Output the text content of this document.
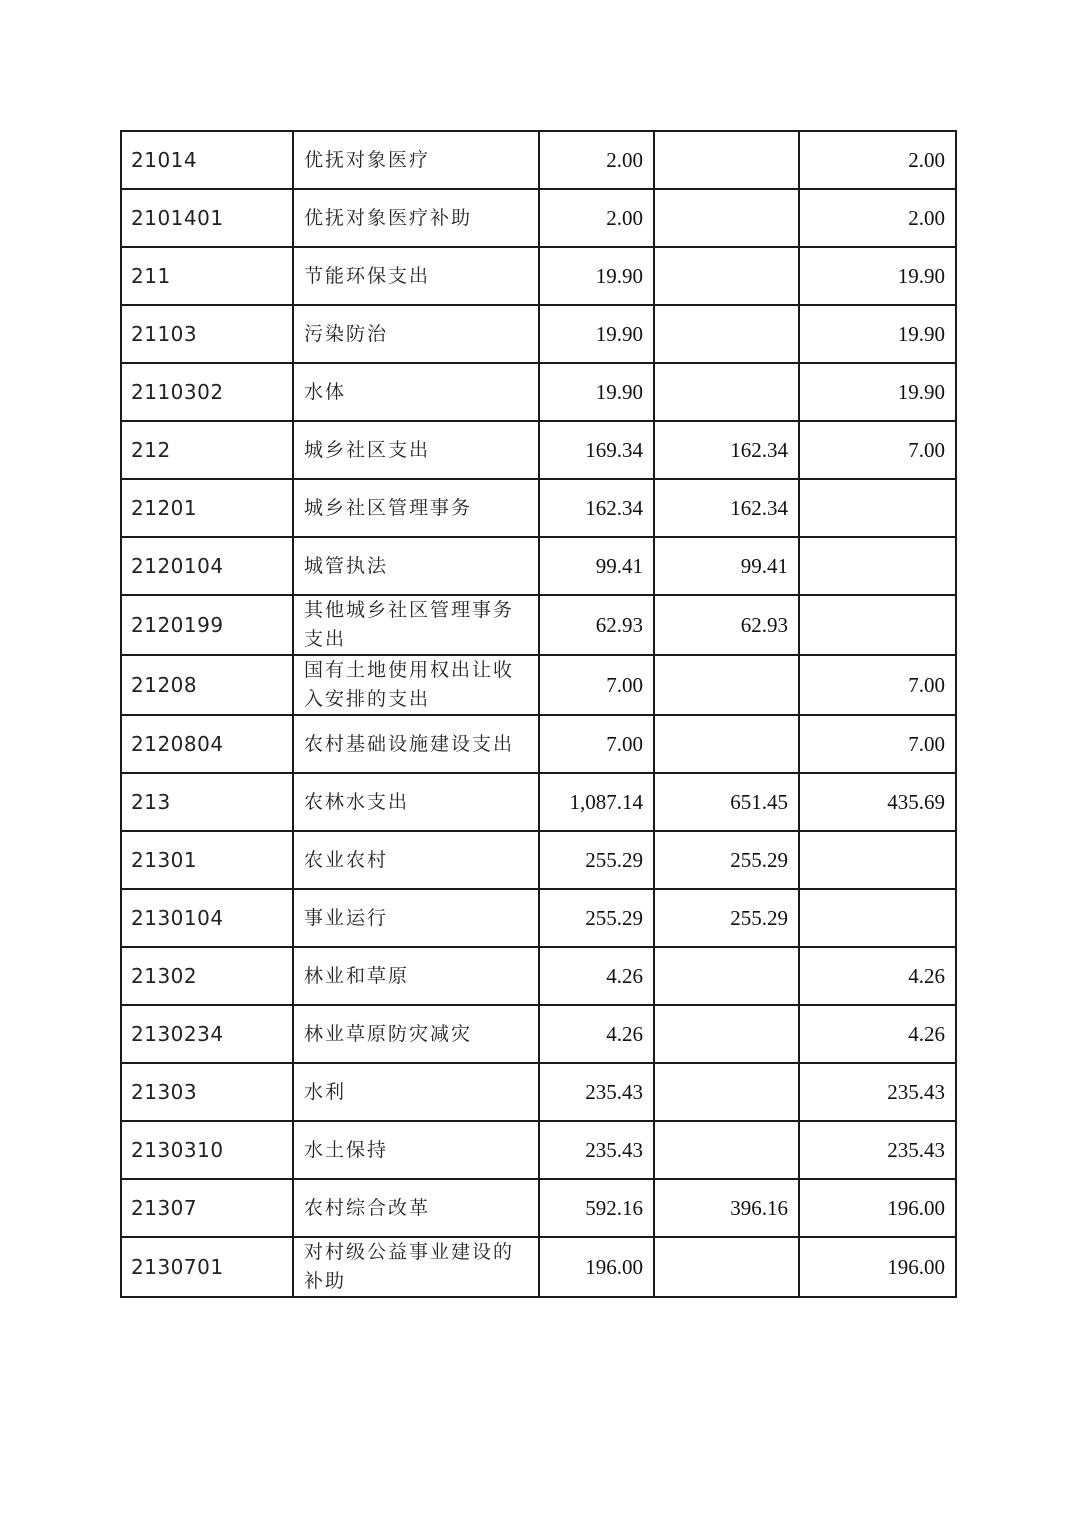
21014	优抚对象医疗	2.00		2.00
2101401	优抚对象医疗补助	2.00		2.00
211	节能环保支出	19.90		19.90
21103	污染防治	19.90		19.90
2110302	水体	19.90		19.90
212	城乡社区支出	169.34	162.34	7.00
21201	城乡社区管理事务	162.34	162.34	
2120104	城管执法	99.41	99.41	
2120199	其他城乡社区管理事务支出	62.93	62.93	
21208	国有土地使用权出让收入安排的支出	7.00		7.00
2120804	农村基础设施建设支出	7.00		7.00
213	农林水支出	1,087.14	651.45	435.69
21301	农业农村	255.29	255.29	
2130104	事业运行	255.29	255.29	
21302	林业和草原	4.26		4.26
2130234	林业草原防灾减灾	4.26		4.26
21303	水利	235.43		235.43
2130310	水土保持	235.43		235.43
21307	农村综合改革	592.16	396.16	196.00
2130701	对村级公益事业建设的补助	196.00		196.00
